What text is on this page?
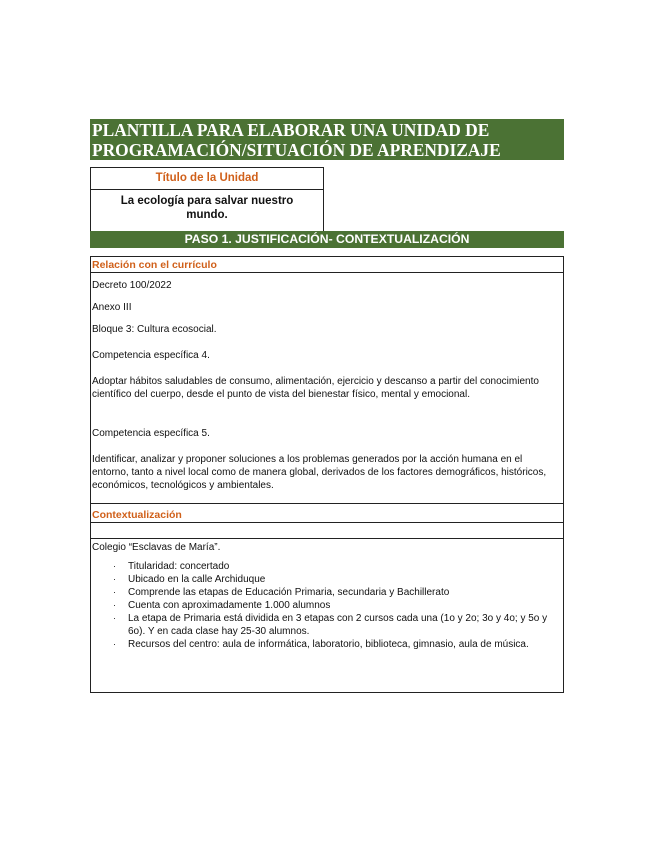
PLANTILLA PARA ELABORAR UNA UNIDAD DE
PROGRAMACIÓN/SITUACIÓN DE APRENDIZAJE
Título de la Unidad
La ecología para salvar nuestro mundo.
PASO 1. JUSTIFICACIÓN- CONTEXTUALIZACIÓN
Relación con el currículo
Decreto 100/2022
Anexo III
Bloque 3: Cultura ecosocial.
Competencia específica 4.
Adoptar hábitos saludables de consumo, alimentación, ejercicio y descanso a partir del conocimiento científico del cuerpo, desde el punto de vista del bienestar físico, mental y emocional.
Competencia específica 5.
Identificar, analizar y proponer soluciones a los problemas generados por la acción humana en el entorno, tanto a nivel local como de manera global, derivados de los factores demográficos, históricos, económicos, tecnológicos y ambientales.
Contextualización
Colegio “Esclavas de María”.
· Titularidad: concertado
· Ubicado en la calle Archiduque
· Comprende las etapas de Educación Primaria, secundaria y Bachillerato
· Cuenta con aproximadamente 1.000 alumnos
· La etapa de Primaria está dividida en 3 etapas con 2 cursos cada una (1o y 2o; 3o y 4o; y 5o y 6o). Y en cada clase hay 25-30 alumnos.
· Recursos del centro: aula de informática, laboratorio, biblioteca, gimnasio, aula de música.
